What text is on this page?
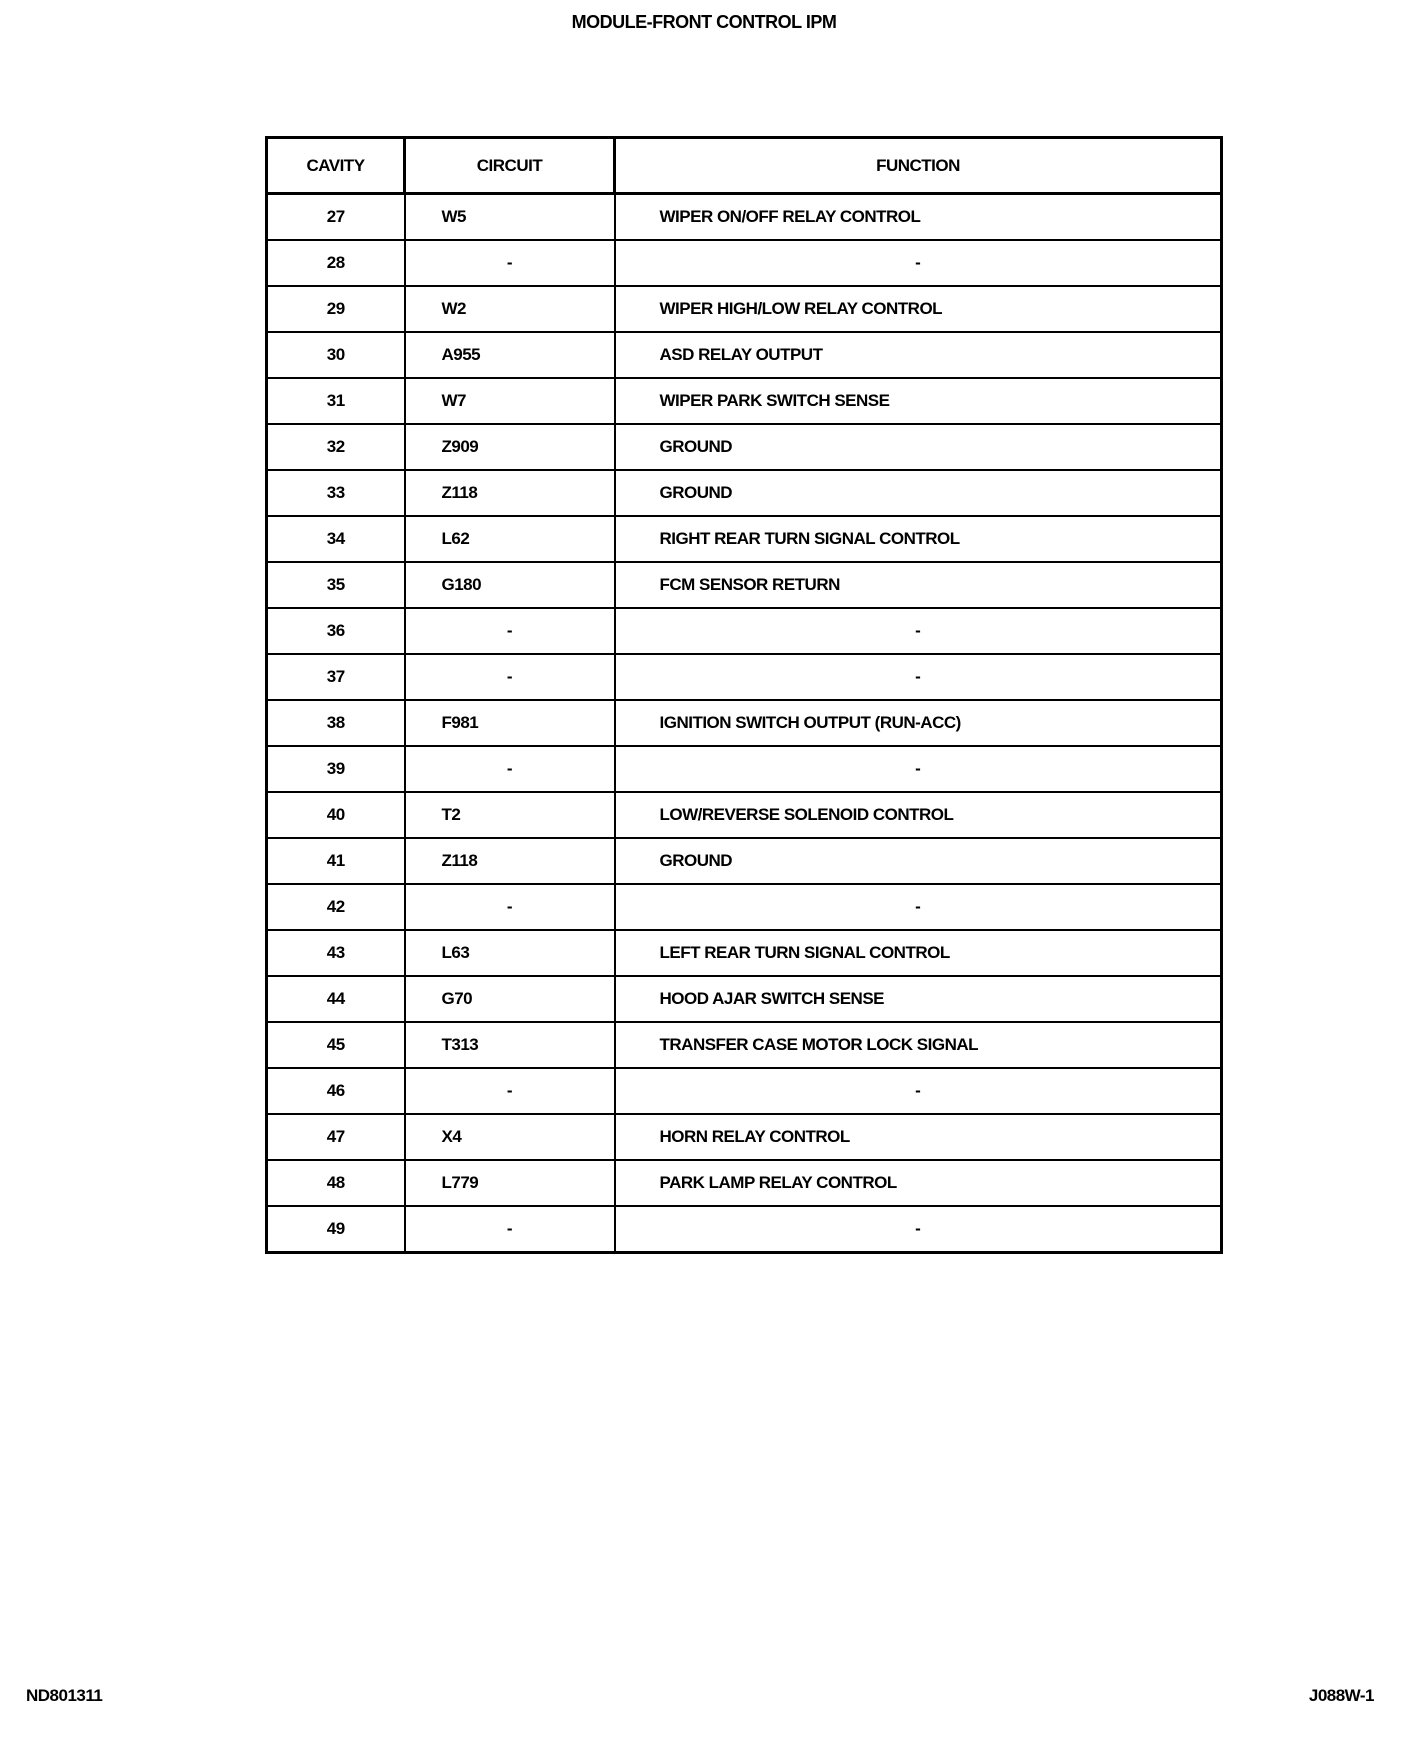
MODULE-FRONT CONTROL IPM
CAVITY	CIRCUIT	FUNCTION
27	W5	WIPER ON/OFF RELAY CONTROL
28	-	-
29	W2	WIPER HIGH/LOW RELAY CONTROL
30	A955	ASD RELAY OUTPUT
31	W7	WIPER PARK SWITCH SENSE
32	Z909	GROUND
33	Z118	GROUND
34	L62	RIGHT REAR TURN SIGNAL CONTROL
35	G180	FCM SENSOR RETURN
36	-	-
37	-	-
38	F981	IGNITION SWITCH OUTPUT (RUN-ACC)
39	-	-
40	T2	LOW/REVERSE SOLENOID CONTROL
41	Z118	GROUND
42	-	-
43	L63	LEFT REAR TURN SIGNAL CONTROL
44	G70	HOOD AJAR SWITCH SENSE
45	T313	TRANSFER CASE MOTOR LOCK SIGNAL
46	-	-
47	X4	HORN RELAY CONTROL
48	L779	PARK LAMP RELAY CONTROL
49	-	-
ND801311	J088W-1
